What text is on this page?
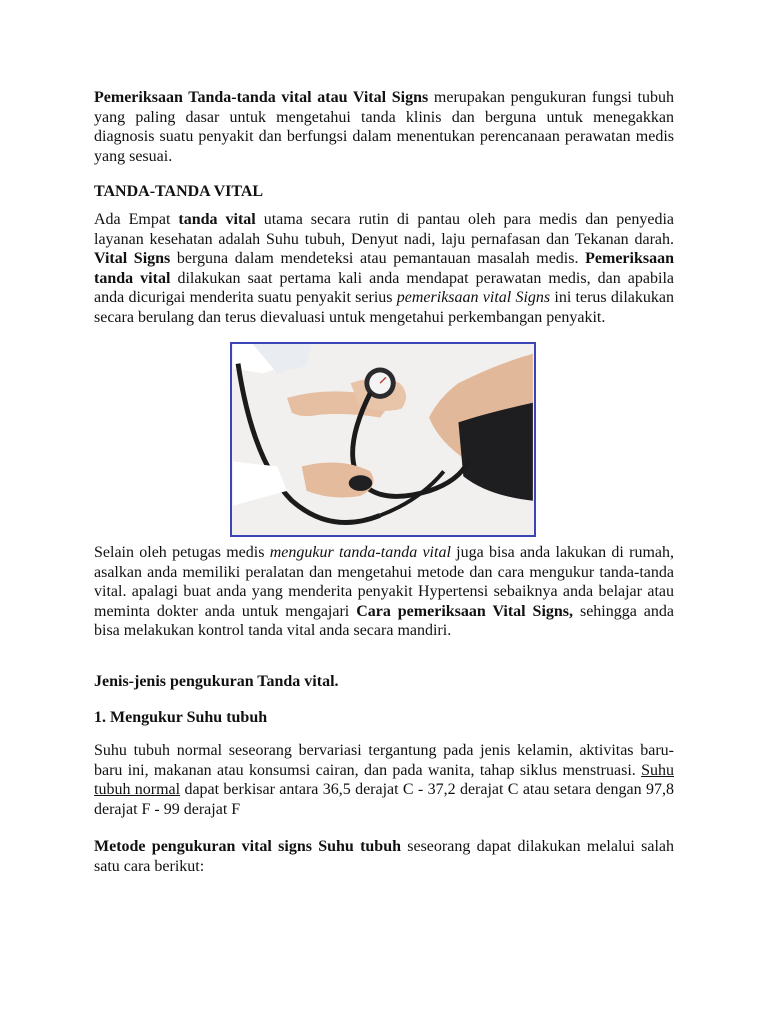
Pemeriksaan Tanda-tanda vital atau Vital Signs merupakan pengukuran fungsi tubuh yang paling dasar untuk mengetahui tanda klinis dan berguna untuk menegakkan diagnosis suatu penyakit dan berfungsi dalam menentukan perencanaan perawatan medis yang sesuai.

TANDA-TANDA VITAL

Ada Empat tanda vital utama secara rutin di pantau oleh para medis dan penyedia layanan kesehatan adalah Suhu tubuh, Denyut nadi, laju pernafasan dan Tekanan darah. Vital Signs berguna dalam mendeteksi atau pemantauan masalah medis. Pemeriksaan tanda vital dilakukan saat pertama kali anda mendapat perawatan medis, dan apabila anda dicurigai menderita suatu penyakit serius pemeriksaan vital Signs ini terus dilakukan secara berulang dan terus dievaluasi untuk mengetahui perkembangan penyakit.

Selain oleh petugas medis mengukur tanda-tanda vital juga bisa anda lakukan di rumah, asalkan anda memiliki peralatan dan mengetahui metode dan cara mengukur tanda-tanda vital. apalagi buat anda yang menderita penyakit Hypertensi sebaiknya anda belajar atau meminta dokter anda untuk mengajari Cara pemeriksaan Vital Signs, sehingga anda bisa melakukan kontrol tanda vital anda secara mandiri.

Jenis-jenis pengukuran Tanda vital.
1. Mengukur Suhu tubuh

Suhu tubuh normal seseorang bervariasi tergantung pada jenis kelamin, aktivitas baru-baru ini, makanan atau konsumsi cairan, dan pada wanita, tahap siklus menstruasi. Suhu tubuh normal dapat berkisar antara 36,5 derajat C - 37,2 derajat C atau setara dengan 97,8 derajat F - 99 derajat F

Metode pengukuran vital signs Suhu tubuh seseorang dapat dilakukan melalui salah satu cara berikut:
